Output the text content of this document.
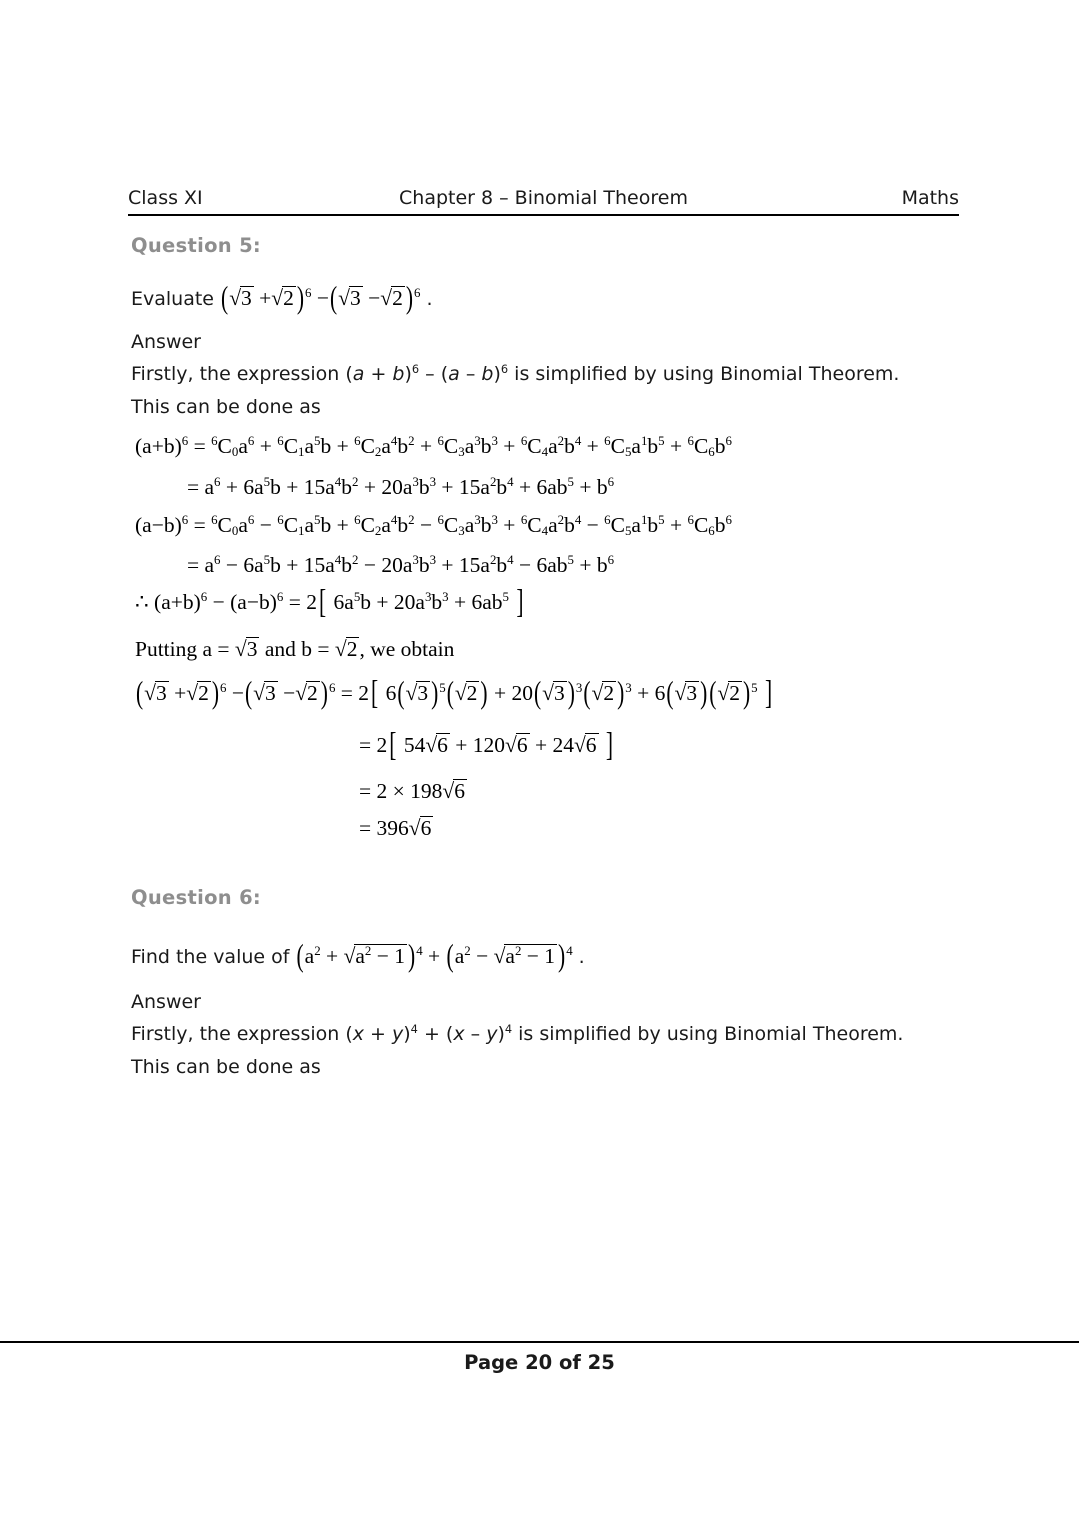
Class XI	Chapter 8 – Binomial Theorem	Maths
Question 5:
Evaluate (√3 +√2 )$^6$ −(√3 −√2 )$^6$ .
Answer
Firstly, the expression $(a + b)^6 - (a - b)^6$ is simplified by using Binomial Theorem.
This can be done as
$(a+b)^6 = ^6C_0a^6 + ^6C_1a^5b + ^6C_2a^4b^2 + ^6C_3a^3b^3 + ^6C_4a^2b^4 + ^6C_5a^1b^5 + ^6C_6b^6$
= $a^6 + 6a^5b + 15a^4b^2 + 20a^3b^3 + 15a^2b^4 + 6ab^5 + b^6$
$(a-b)^6 = ^6C_0a^6 - ^6C_1a^5b + ^6C_2a^4b^2 - ^6C_3a^3b^3 + ^6C_4a^2b^4 - ^6C_5a^1b^5 + ^6C_6b^6$
= $a^6 - 6a^5b + 15a^4b^2 - 20a^3b^3 + 15a^2b^4 - 6ab^5 + b^6$
∴ $(a+b)^6 - (a-b)^6 = 2$[ $6a^5b + 20a^3b^3 + 6ab^5$ ]
Putting a = √3 and b = √2, we obtain
(√3 +√2 )$^6$ −(√3 −√2 )$^6$ = 2[ 6(√3 )$^5$(√2 ) + 20(√3 )$^3$(√2 )$^3$ + 6(√3 )(√2 )$^5$ ]
= 2[ 54√6 + 120√6 + 24√6 ]
= 2 × 198√6
= 396√6
Question 6:
Find the value of ($a^2 + √a^2 - 1$ )$^4 + (a^2 - √a^2 - 1$ )$^4$ .
Answer
Firstly, the expression $(x + y)^4 + (x - y)^4$ is simplified by using Binomial Theorem.
This can be done as
Page 20 of 25
